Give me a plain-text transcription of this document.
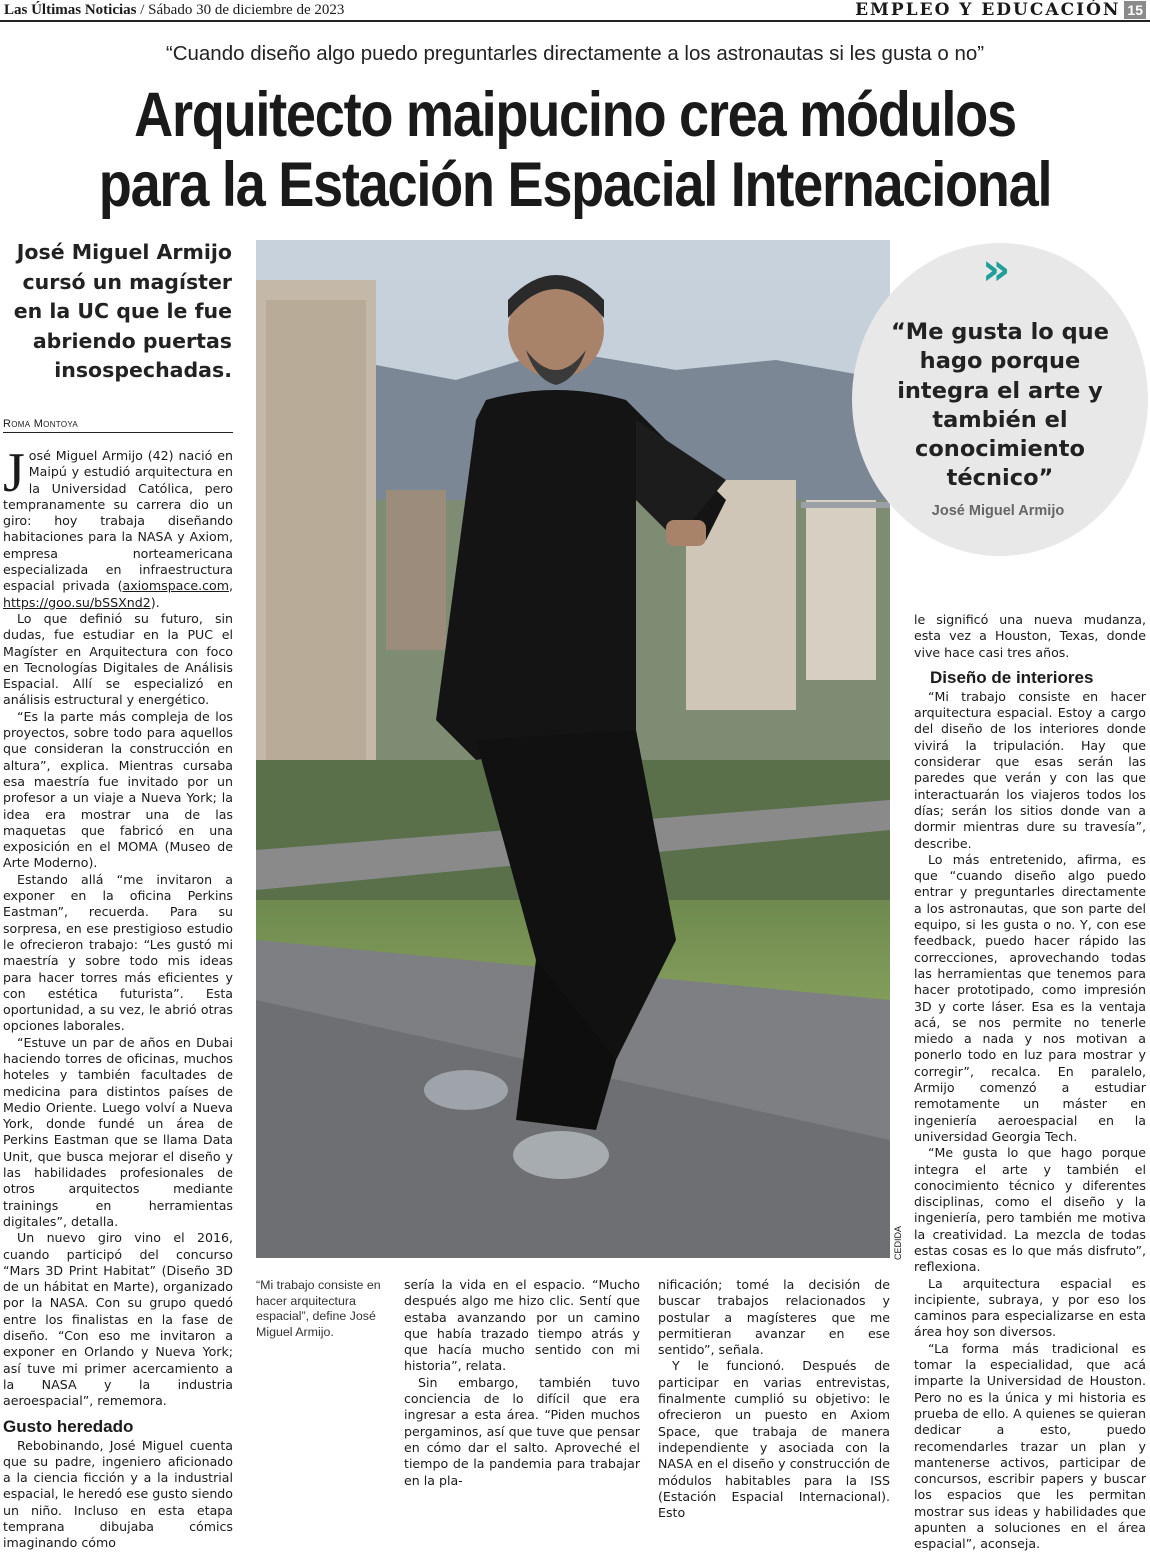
Las Últimas Noticias / Sábado 30 de diciembre de 2023	EMPLEO Y EDUCACIÓN 15
“Cuando diseño algo puedo preguntarles directamente a los astronautas si les gusta o no”
Arquitecto maipucino crea módulos
para la Estación Espacial Internacional
José Miguel Armijo
cursó un magíster
en la UC que le fue
abriendo puertas
insospechadas.
Roma Montoya

José Miguel Armijo (42) nació en Maipú y estudió arquitectura en la Universidad Católica, pero tempranamente su carrera dio un giro: hoy trabaja diseñando habitaciones para la NASA y Axiom, empresa norteamericana especializada en infraestructura espacial privada (axiomspace.com, https://goo.su/bSSXnd2).

Lo que definió su futuro, sin dudas, fue estudiar en la PUC el Magíster en Arquitectura con foco en Tecnologías Digitales de Análisis Espacial. Allí se especializó en análisis estructural y energético.

“Es la parte más compleja de los proyectos, sobre todo para aquellos que consideran la construcción en altura”, explica. Mientras cursaba esa maestría fue invitado por un profesor a un viaje a Nueva York; la idea era mostrar una de las maquetas que fabricó en una exposición en el MOMA (Museo de Arte Moderno).

Estando allá “me invitaron a exponer en la oficina Perkins Eastman”, recuerda. Para su sorpresa, en ese prestigioso estudio le ofrecieron trabajo: “Les gustó mi maestría y sobre todo mis ideas para hacer torres más eficientes y con estética futurista”. Esta oportunidad, a su vez, le abrió otras opciones laborales.

“Estuve un par de años en Dubai haciendo torres de oficinas, muchos hoteles y también facultades de medicina para distintos países de Medio Oriente. Luego volví a Nueva York, donde fundé un área de Perkins Eastman que se llama Data Unit, que busca mejorar el diseño y las habilidades profesionales de otros arquitectos mediante trainings en herramientas digitales”, detalla.

Un nuevo giro vino el 2016, cuando participó del concurso “Mars 3D Print Habitat” (Diseño 3D de un hábitat en Marte), organizado por la NASA. Con su grupo quedó entre los finalistas en la fase de diseño. “Con eso me invitaron a exponer en Orlando y Nueva York; así tuve mi primer acercamiento a la NASA y la industria aeroespacial”, rememora.

Gusto heredado

Rebobinando, José Miguel cuenta que su padre, ingeniero aficionado a la ciencia ficción y a la industrial espacial, le heredó ese gusto siendo un niño. Incluso en esta etapa temprana dibujaba cómics imaginando cómo

CEDIDA
“Mi trabajo consiste en hacer arquitectura espacial”, define José Miguel Armijo.
»
“Me gusta lo que hago porque integra el arte y también el conocimiento técnico”
José Miguel Armijo

sería la vida en el espacio. “Mucho después algo me hizo clic. Sentí que estaba avanzando por un camino que había trazado tiempo atrás y que hacía mucho sentido con mi historia”, relata.

Sin embargo, también tuvo conciencia de lo difícil que era ingresar a esta área. “Piden muchos pergaminos, así que tuve que pensar en cómo dar el salto. Aproveché el tiempo de la pandemia para trabajar en la pla-

nificación; tomé la decisión de buscar trabajos relacionados y postular a magísteres que me permitieran avanzar en ese sentido”, señala.

Y le funcionó. Después de participar en varias entrevistas, finalmente cumplió su objetivo: le ofrecieron un puesto en Axiom Space, que trabaja de manera independiente y asociada con la NASA en el diseño y construcción de módulos habitables para la ISS (Estación Espacial Internacional). Esto

le significó una nueva mudanza, esta vez a Houston, Texas, donde vive hace casi tres años.

Diseño de interiores

“Mi trabajo consiste en hacer arquitectura espacial. Estoy a cargo del diseño de los interiores donde vivirá la tripulación. Hay que considerar que esas serán las paredes que verán y con las que interactuarán los viajeros todos los días; serán los sitios donde van a dormir mientras dure su travesía”, describe.

Lo más entretenido, afirma, es que “cuando diseño algo puedo entrar y preguntarles directamente a los astronautas, que son parte del equipo, si les gusta o no. Y, con ese feedback, puedo hacer rápido las correcciones, aprovechando todas las herramientas que tenemos para hacer prototipado, como impresión 3D y corte láser. Esa es la ventaja acá, se nos permite no tenerle miedo a nada y nos motivan a ponerlo todo en luz para mostrar y corregir”, recalca. En paralelo, Armijo comenzó a estudiar remotamente un máster en ingeniería aeroespacial en la universidad Georgia Tech.

“Me gusta lo que hago porque integra el arte y también el conocimiento técnico y diferentes disciplinas, como el diseño y la ingeniería, pero también me motiva la creatividad. La mezcla de todas estas cosas es lo que más disfruto”, reflexiona.

La arquitectura espacial es incipiente, subraya, y por eso los caminos para especializarse en esta área hoy son diversos.

“La forma más tradicional es tomar la especialidad, que acá imparte la Universidad de Houston. Pero no es la única y mi historia es prueba de ello. A quienes se quieran dedicar a esto, puedo recomendarles trazar un plan y mantenerse activos, participar de concursos, escribir papers y buscar los espacios que les permitan mostrar sus ideas y habilidades que apunten a soluciones en el área espacial”, aconseja.
